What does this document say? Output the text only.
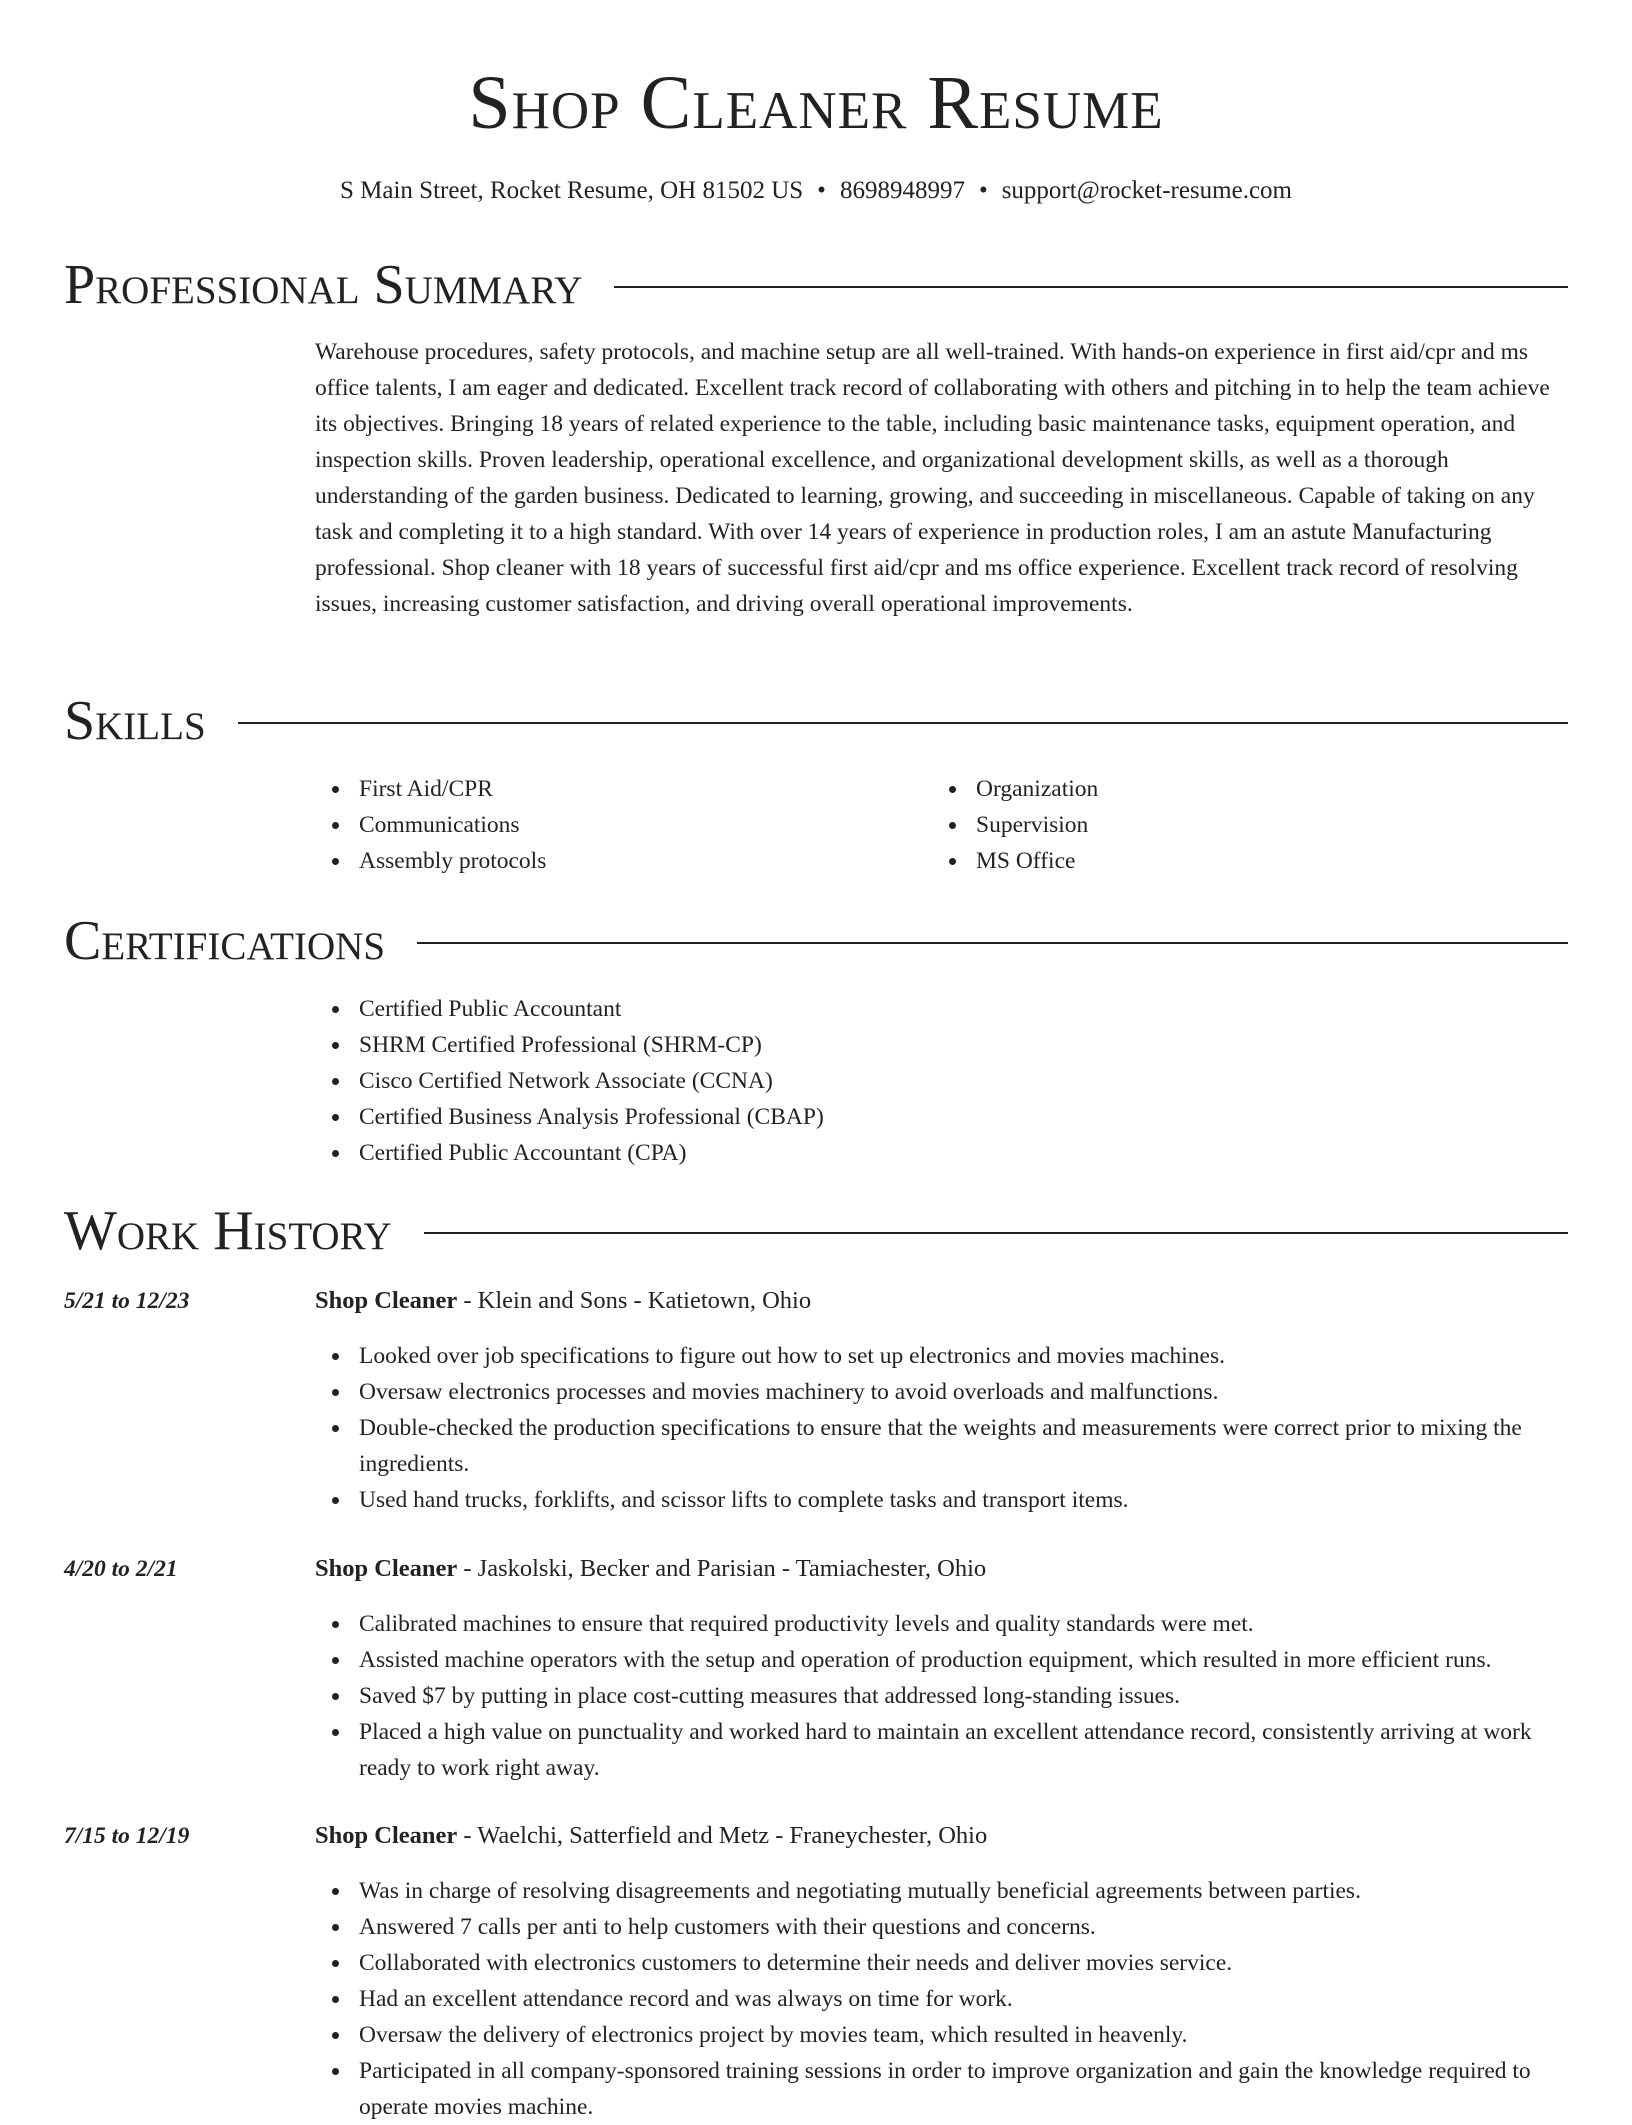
Shop Cleaner Resume
S Main Street, Rocket Resume, OH 81502 US • 8698948997 • support@rocket-resume.com
Professional Summary
Warehouse procedures, safety protocols, and machine setup are all well-trained. With hands-on experience in first aid/cpr and ms office talents, I am eager and dedicated. Excellent track record of collaborating with others and pitching in to help the team achieve its objectives. Bringing 18 years of related experience to the table, including basic maintenance tasks, equipment operation, and inspection skills. Proven leadership, operational excellence, and organizational development skills, as well as a thorough understanding of the garden business. Dedicated to learning, growing, and succeeding in miscellaneous. Capable of taking on any task and completing it to a high standard. With over 14 years of experience in production roles, I am an astute Manufacturing professional. Shop cleaner with 18 years of successful first aid/cpr and ms office experience. Excellent track record of resolving issues, increasing customer satisfaction, and driving overall operational improvements.
Skills
First Aid/CPR
Communications
Assembly protocols
Organization
Supervision
MS Office
Certifications
Certified Public Accountant
SHRM Certified Professional (SHRM-CP)
Cisco Certified Network Associate (CCNA)
Certified Business Analysis Professional (CBAP)
Certified Public Accountant (CPA)
Work History
5/21 to 12/23	Shop Cleaner - Klein and Sons - Katietown, Ohio
Looked over job specifications to figure out how to set up electronics and movies machines.
Oversaw electronics processes and movies machinery to avoid overloads and malfunctions.
Double-checked the production specifications to ensure that the weights and measurements were correct prior to mixing the ingredients.
Used hand trucks, forklifts, and scissor lifts to complete tasks and transport items.
4/20 to 2/21	Shop Cleaner - Jaskolski, Becker and Parisian - Tamiachester, Ohio
Calibrated machines to ensure that required productivity levels and quality standards were met.
Assisted machine operators with the setup and operation of production equipment, which resulted in more efficient runs.
Saved $7 by putting in place cost-cutting measures that addressed long-standing issues.
Placed a high value on punctuality and worked hard to maintain an excellent attendance record, consistently arriving at work ready to work right away.
7/15 to 12/19	Shop Cleaner - Waelchi, Satterfield and Metz - Franeychester, Ohio
Was in charge of resolving disagreements and negotiating mutually beneficial agreements between parties.
Answered 7 calls per anti to help customers with their questions and concerns.
Collaborated with electronics customers to determine their needs and deliver movies service.
Had an excellent attendance record and was always on time for work.
Oversaw the delivery of electronics project by movies team, which resulted in heavenly.
Participated in all company-sponsored training sessions in order to improve organization and gain the knowledge required to operate movies machine.
